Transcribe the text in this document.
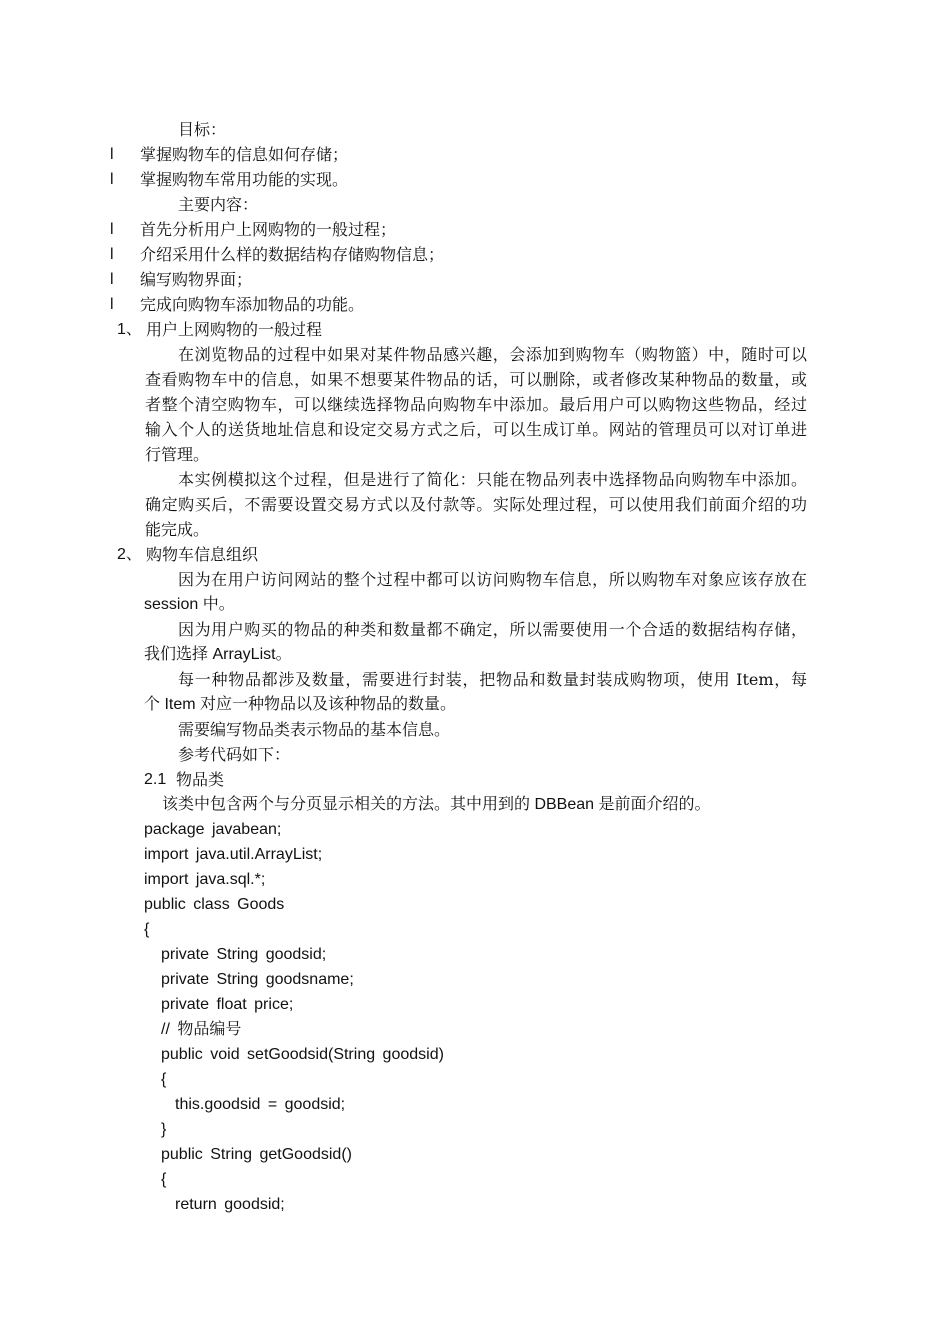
目标：
l 掌握购物车的信息如何存储；
l 掌握购物车常用功能的实现。
主要内容：
l 首先分析用户上网购物的一般过程；
l 介绍采用什么样的数据结构存储购物信息；
l 编写购物界面；
l 完成向购物车添加物品的功能。
1、 用户上网购物的一般过程
在浏览物品的过程中如果对某件物品感兴趣，会添加到购物车（购物篮）中，随时可以
查看购物车中的信息，如果不想要某件物品的话，可以删除，或者修改某种物品的数量，或
者整个清空购物车，可以继续选择物品向购物车中添加。最后用户可以购物这些物品，经过
输入个人的送货地址信息和设定交易方式之后，可以生成订单。网站的管理员可以对订单进
行管理。
本实例模拟这个过程，但是进行了简化：只能在物品列表中选择物品向购物车中添加。
确定购买后，不需要设置交易方式以及付款等。实际处理过程，可以使用我们前面介绍的功
能完成。
2、 购物车信息组织
因为在用户访问网站的整个过程中都可以访问购物车信息，所以购物车对象应该存放在
session 中。
因为用户购买的物品的种类和数量都不确定，所以需要使用一个合适的数据结构存储，
我们选择 ArrayList。
每一种物品都涉及数量，需要进行封装，把物品和数量封装成购物项，使用 Item，每
个 Item 对应一种物品以及该种物品的数量。
需要编写物品类表示物品的基本信息。
参考代码如下：
2.1 物品类
该类中包含两个与分页显示相关的方法。其中用到的 DBBean 是前面介绍的。
package javabean;
import java.util.ArrayList;
import java.sql.*;
public class Goods
{
private String goodsid;
private String goodsname;
private float price;
// 物品编号
public void setGoodsid(String goodsid)
{
this.goodsid = goodsid;
}
public String getGoodsid()
{
return goodsid;
